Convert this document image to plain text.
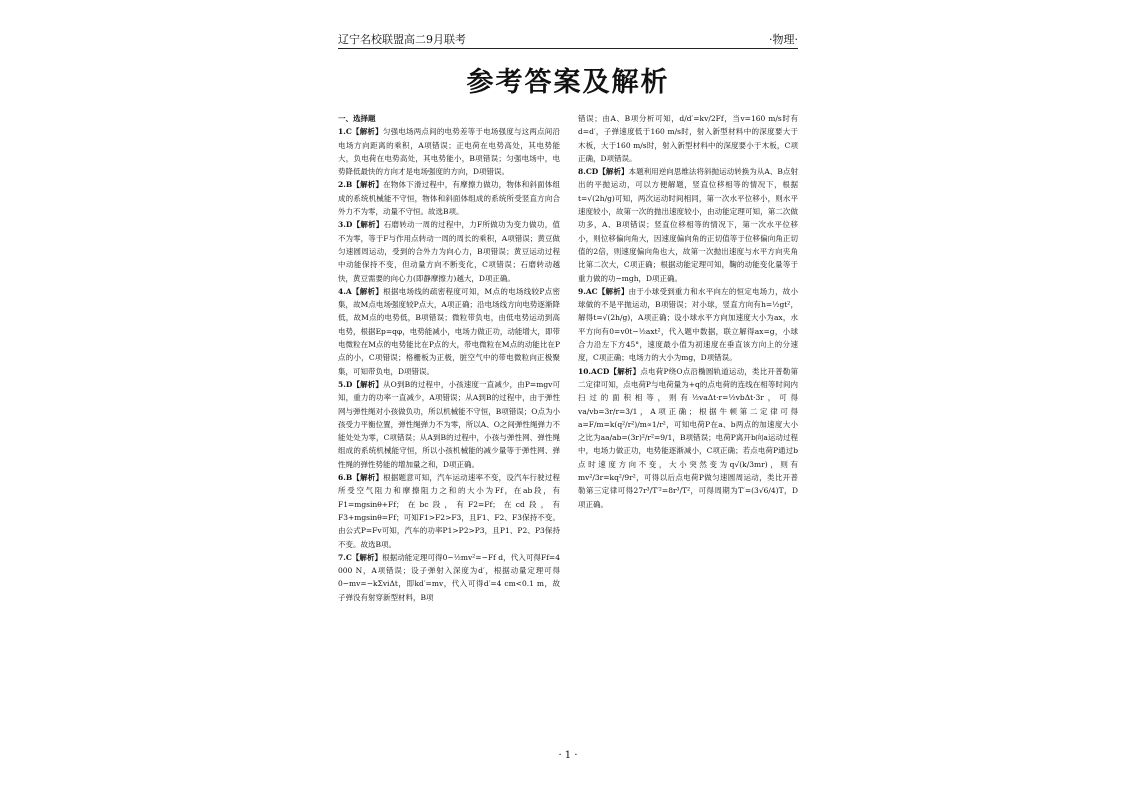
辽宁名校联盟高二9月联考	·物理·
参考答案及解析
一、选择题

1.C【解析】匀强电场两点间的电势差等于电场强度与这两点间沿电场方向距离的乘积，A项错误；正电荷在电势高处，其电势能大，负电荷在电势高处，其电势能小，B项错误；匀强电场中，电势降低最快的方向才是电场强度的方向，D项错误。

2.B【解析】在物体下滑过程中，有摩擦力做功，物体和斜面体组成的系统机械能不守恒，物体和斜面体组成的系统所受竖直方向合外力不为零，动量不守恒。故选B项。

3.D【解析】石磨转动一周的过程中，力F所做功为变力做功，值不为零，等于F与作用点转动一周的周长的乘积，A项错误；黄豆做匀速圆周运动，受到的合外力为向心力，B项错误；黄豆运动过程中动能保持不变，但动量方向不断变化，C项错误；石磨转动越快，黄豆需要的向心力(即静摩擦力)越大，D项正确。

4.A【解析】根据电场线的疏密程度可知，M点的电场线较P点密集，故M点电场强度较P点大，A项正确；沿电场线方向电势逐渐降低，故M点的电势低，B项错误；微粒带负电，由低电势运动到高电势，根据Ep=qφ，电势能减小，电场力做正功，动能增大，即带电微粒在M点的电势能比在P点的大，带电微粒在M点的动能比在P点的小，C项错误；格栅板为正极，脏空气中的带电微粒向正极聚集，可知带负电，D项错误。

5.D【解析】从O到B的过程中，小孩速度一直减少，由P=mgv可知，重力的功率一直减少，A项错误；从A到B的过程中，由于弹性网与弹性绳对小孩做负功，所以机械能不守恒，B项错误；O点为小孩受力平衡位置，弹性绳弹力不为零，所以A、O之间弹性绳弹力不能处处为零，C项错误；从A到B的过程中，小孩与弹性网、弹性绳组成的系统机械能守恒，所以小孩机械能的减少量等于弹性网、弹性绳的弹性势能的增加量之和，D项正确。

6.B【解析】根据题意可知，汽车运动速率不变，设汽车行驶过程所受空气阻力和摩擦阻力之和的大小为Ff，在ab段，有F1=mgsinθ+Ff；在bc段，有F2=Ff；在cd段，有F3+mgsinθ=Ff；可知F1>F2>F3，且F1、F2、F3保持不变。由公式P=Fv可知，汽车的功率P1>P2>P3，且P1、P2、P3保持不变。故选B项。

7.C【解析】根据动能定理可得0−½mv²=−Ff d，代入可得Ff=4 000 N，A项错误；设子弹射入深度为d′，根据动量定理可得0−mv=−kΣviΔt，即kd′=mv，代入可得d′=4 cm<0.1 m，故子弹没有射穿新型材料，B项

错误；由A、B项分析可知，d/d′=kv/2Ff，当v=160 m/s时有d=d′，子弹速度低于160 m/s时，射入新型材料中的深度要大于木板，大于160 m/s时，射入新型材料中的深度要小于木板，C项正确，D项错误。

8.CD【解析】本题利用逆向思维法将斜抛运动转换为从A、B点射出的平抛运动，可以方便解题，竖直位移相等的情况下，根据t=√(2h/g)可知，两次运动时间相同，第一次水平位移小，则水平速度较小，故第一次的抛出速度较小，由动能定理可知，第二次做功多，A、B项错误；竖直位移相等的情况下，第一次水平位移小，则位移偏向角大，因速度偏向角的正切值等于位移偏向角正切值的2倍，则速度偏向角也大，故第一次抛出速度与水平方向夹角比第二次大，C项正确；根据动能定理可知，鞠的动能变化量等于重力做的功−mgh，D项正确。

9.AC【解析】由于小球受到重力和水平向左的恒定电场力，故小球做的不是平抛运动，B项错误；对小球，竖直方向有h=½gt²，解得t=√(2h/g)，A项正确；设小球水平方向加速度大小为ax，水平方向有0=v0t−½axt²，代入题中数据，联立解得ax=g，小球合力沿左下方45°，速度最小值为初速度在垂直该方向上的分速度，C项正确；电场力的大小为mg，D项错误。

10.ACD【解析】点电荷P绕O点沿椭圆轨道运动，类比开普勒第二定律可知，点电荷P与电荷量为+q的点电荷的连线在相等时间内扫过的面积相等，则有½vaΔt·r=½vbΔt·3r，可得va/vb=3r/r=3/1，A项正确；根据牛顿第二定律可得a=F/m=k(q²/r²)/m∝1/r²，可知电荷P在a、b两点的加速度大小之比为aa/ab=(3r)²/r²=9/1，B项错误；电荷P离开b向a运动过程中，电场力做正功，电势能逐渐减小，C项正确；若点电荷P通过b点时速度方向不变，大小突然变为q√(k/3mr)，则有mv²/3r=kq²/9r²，可得以后点电荷P做匀速圆周运动，类比开普勒第三定律可得27r³/T′²=8r³/T²，可得周期为T′=(3√6/4)T，D项正确。

· 1 ·
